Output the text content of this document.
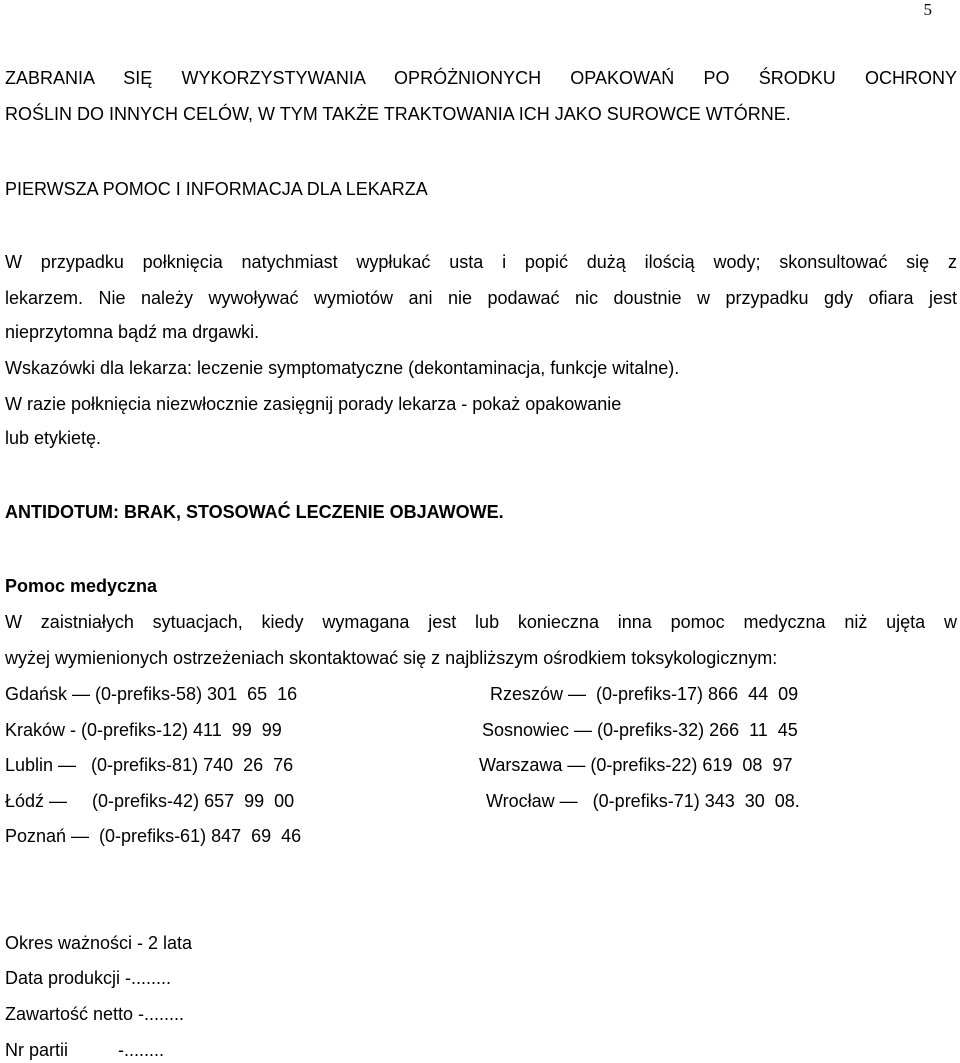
5
ZABRANIA SIĘ WYKORZYSTYWANIA OPRÓŻNIONYCH OPAKOWAŃ PO ŚRODKU OCHRONY
ROŚLIN DO INNYCH CELÓW, W TYM TAKŻE TRAKTOWANIA ICH JAKO SUROWCE WTÓRNE.
PIERWSZA POMOC I INFORMACJA DLA LEKARZA
W przypadku połknięcia natychmiast wypłukać usta i popić dużą ilością wody; skonsultować się z
lekarzem. Nie należy wywoływać wymiotów ani nie podawać nic doustnie w przypadku gdy ofiara jest
nieprzytomna bądź ma drgawki.
Wskazówki dla lekarza: leczenie symptomatyczne (dekontaminacja, funkcje witalne).
W razie połknięcia niezwłocznie zasięgnij porady lekarza - pokaż opakowanie
lub etykietę.
ANTIDOTUM: BRAK, STOSOWAĆ LECZENIE OBJAWOWE.
Pomoc medyczna
W zaistniałych sytuacjach, kiedy wymagana jest lub konieczna inna pomoc medyczna niż ujęta w
wyżej wymienionych ostrzeżeniach skontaktować się z najbliższym ośrodkiem toksykologicznym:
Gdańsk — (0-prefiks-58) 301  65  16
Kraków - (0-prefiks-12) 411  99  99
Lublin —   (0-prefiks-81) 740  26  76
Łódź —     (0-prefiks-42) 657  99  00
Poznań —  (0-prefiks-61) 847  69  46
Rzeszów —  (0-prefiks-17) 866  44  09
Sosnowiec — (0-prefiks-32) 266  11  45
Warszawa — (0-prefiks-22) 619  08  97
Wrocław —   (0-prefiks-71) 343  30  08.
Okres ważności - 2 lata
Data produkcji -........
Zawartość netto -........
Nr partii          -........
